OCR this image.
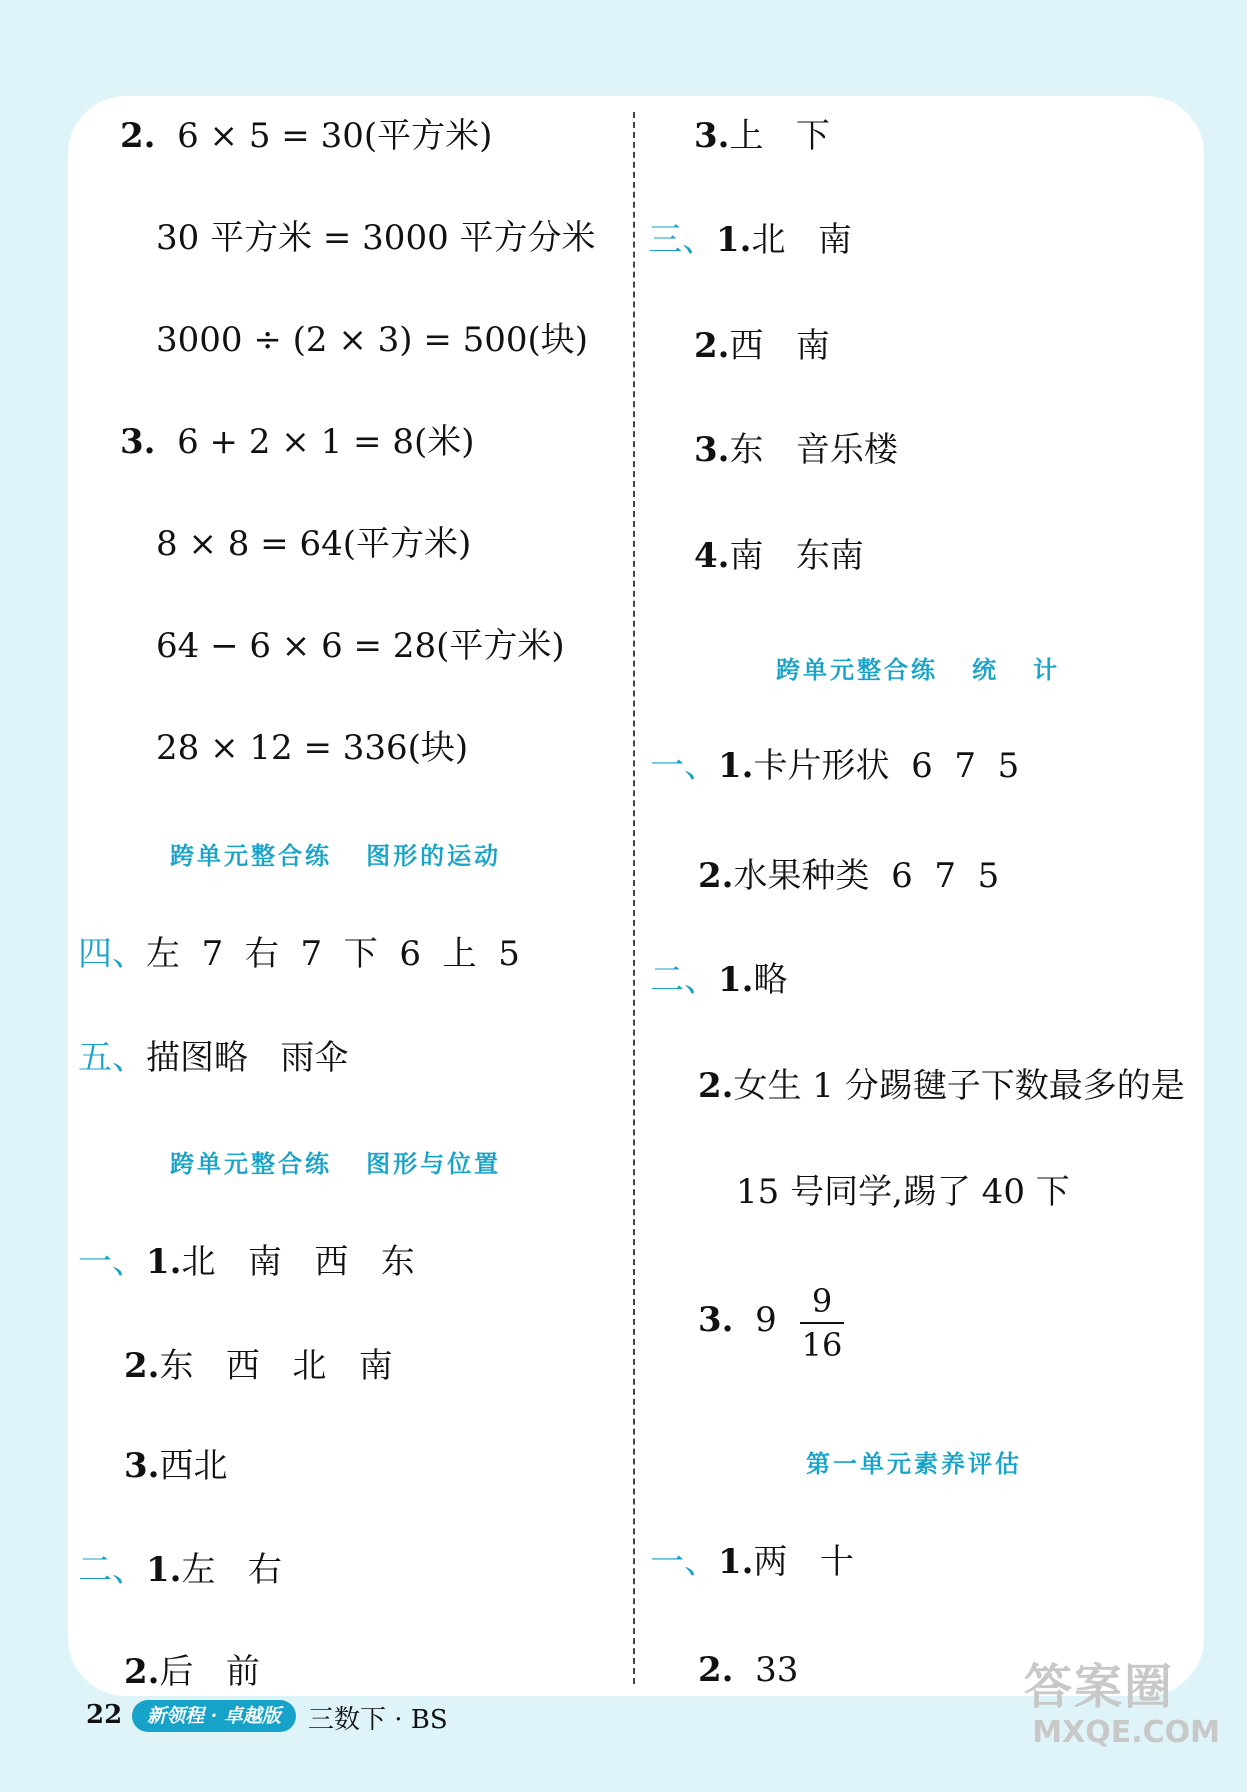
2.  6 × 5 = 30(平方米)
30 平方米 = 3000 平方分米
3000 ÷ (2 × 3) = 500(块)
3.  6 + 2 × 1 = 8(米)
8 × 8 = 64(平方米)
64 − 6 × 6 = 28(平方米)
28 × 12 = 336(块)
跨单元整合练   图形的运动
四、左  7  右  7  下  6  上  5
五、描图略   雨伞
跨单元整合练   图形与位置
一、1.北   南   西   东
2.东   西   北   南
3.西北
二、1.左   右
2.后   前
3.上   下
三、1.北   南
2.西   南
3.东   音乐楼
4.南   东南
跨单元整合练   统   计
一、1.卡片形状  6  7  5
2.水果种类  6  7  5
二、1.略
2.女生 1 分踢毽子下数最多的是
15 号同学,踢了 40 下
3.  9 9
16
第一单元素养评估
一、1.两   十
2.  33
22	新领程 · 卓越版	三数下 · BS
答案圈
MXQE.COM
